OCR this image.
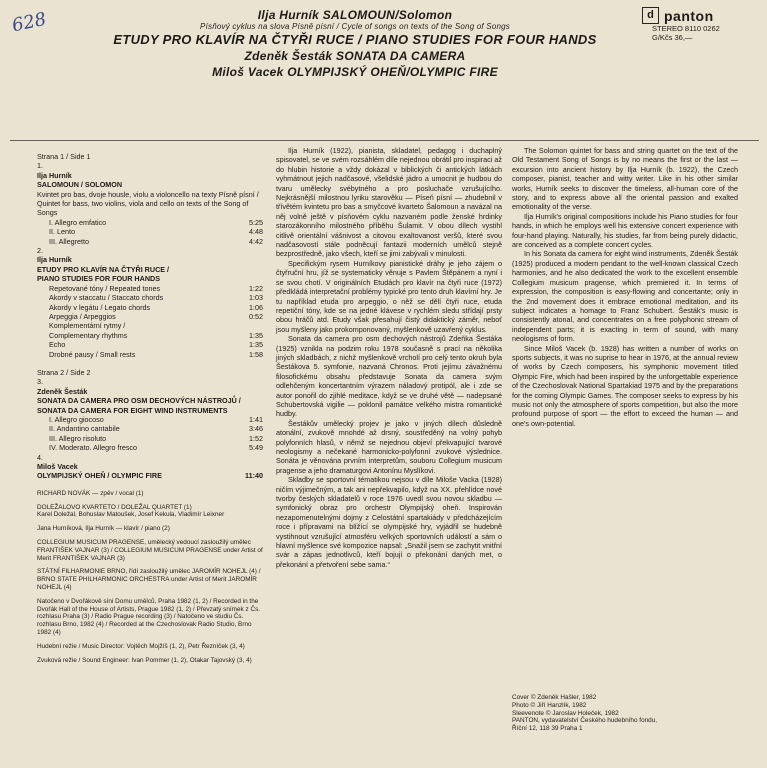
628	d panton
STEREO 8110 0262
G/Kčs 36,—
Ilja Hurník SALOMOUN/Solomon
Písňový cyklus na slova Písně písní / Cycle of songs on texts of the Song of Songs
ETUDY PRO KLAVÍR NA ČTYŘI RUCE / PIANO STUDIES FOR FOUR HANDS
Zdeněk Šesták SONATA DA CAMERA
Miloš Vacek OLYMPIJSKÝ OHEŇ/OLYMPIC FIRE

Strana 1 / Side 1

1.

Ilja Hurník

SALOMOUN / SOLOMON

Kvintet pro bas, dvoje housle, violu a violoncello na texty Písně písní /

Quintet for bass, two violins, viola and cello on texts of the Song of Songs

I. Allegro emfatico	5:25
II. Lento	4:48
III. Allegretto	4:42

2.

Ilja Hurník

ETUDY PRO KLAVÍR NA ČTYŘI RUCE /

PIANO STUDIES FOR FOUR HANDS

Repetované tóny / Repeated tones	1:22
Akordy v staccatu / Staccato chords	1:03
Akordy v legátu / Legato chords	1:06
Arpeggia / Arpeggios	0:52
Komplementární rytmy /
Complementary rhythms	1:35
Echo	1:35
Drobné pausy / Small rests	1:58

Strana 2 / Side 2

3.

Zdeněk Šesták

SONATA DA CAMERA PRO OSM DECHOVÝCH NÁSTROJŮ /

SONATA DA CAMERA FOR EIGHT WIND INSTRUMENTS

I. Allegro giocoso	1:41
II. Andantino cantabile	3:46
III. Allegro risoluto	1:52
IV. Moderato. Allegro fresco	5:49

4.

Miloš Vacek

OLYMPIJSKÝ OHEŇ / OLYMPIC FIRE	11:40

RICHARD NOVÁK — zpěv / vocal (1)

DOLEŽALOVO KVARTETO / DOLEŽAL QUARTET (1)

Karel Doležal, Bohuslav Matoušek, Josef Kekula, Vladimír Leixner

Jana Hurníková, Ilja Hurník — klavír / piano (2)

COLLEGIUM MUSICUM PRAGENSE, umělecký vedoucí zasloužilý umělec FRANTIŠEK VAJNAR (3) / COLLEGIUM MUSICUM PRAGENSE under Artist of Merit FRANTIŠEK VAJNAR (3)

STÁTNÍ FILHARMONIE BRNO, řídí zasloužilý umělec JAROMÍR NOHEJL (4) / BRNO STATE PHILHARMONIC ORCHESTRA under Artist of Merit JAROMÍR NOHEJL (4)

Natočeno v Dvořákově síni Domu umělců, Praha 1982 (1, 2) / Recorded in the Dvořák Hall of the House of Artists, Prague 1982 (1, 2) / Převzatý snímek z Čs. rozhlasu Praha (3) / Radio Prague recording (3) / Natočeno ve studiu Čs. rozhlasu Brno, 1982 (4) / Recorded at the Czechoslovak Radio Studio, Brno 1982 (4)

Hudební režie / Music Director: Vojtěch Mojžíš (1, 2), Petr Řezníček (3, 4)

Zvuková režie / Sound Engineer: Ivan Pommer (1, 2), Otakar Tajovský (3, 4)

Ilja Hurník (1922), pianista, skladatel, pedagog i duchaplný spisovatel, se ve svém rozsáhlém díle nejednou obrátil pro inspiraci až do hlubin historie a vždy dokázal v biblických či antických látkách vyhmátnout jejich nadčasové, všelidské jádro a umocnit je hudbou do tvaru umělecky svébytného a pro posluchače vzrušujícího. Nejkrásnější milostnou lyriku starověku — Píseň písní — zhudebnil v třívětém kvintetu pro bas a smyčcové kvarteto Šalomoun a navázal na něj volně ještě v písňovém cyklu nazvaném podle ženské hrdinky starozákonního milostného příběhu Šulamit. V obou dílech vystihl citlivě orientální vášnivost a citovou exaltovanost veršů, které svou nadčasovostí stále podněcují fantazii moderních umělců stejně bezprostředně, jako všech, kteří se jimi zabývali v minulosti.

Specifickým rysem Hurníkovy pianistické dráhy je jeho zájem o čtyřruční hru, jíž se systematicky věnuje s Pavlem Štěpánem a nyní i se svou chotí. V originálních Etudách pro klavír na čtyři ruce (1972) předkládá interpretační problémy typické pro tento druh klavírní hry. Je tu například etuda pro arpeggio, o něž se dělí čtyři ruce, etuda repetiční tóny, kde se na jedné klávese v rychlém sledu střídají prsty obou hráčů atd. Etudy však přesahují čistý didaktický záměr, neboť jsou myšleny jako prokomponovaný, myšlenkově uzavřený cyklus.

Sonata da camera pro osm dechových nástrojů Zdeňka Šestáka (1925) vznikla na podzim roku 1978 současně s prací na několika jiných skladbách, z nichž myšlenkově vrcholí pro celý tento okruh byla Šestákova 5. symfonie, nazvaná Chronos. Proti jejímu závažnému filosofickému obsahu představuje Sonata da camera svým odlehčeným koncertantním výrazem náladový protipól, ale i zde se autor ponořil do zjihlé meditace, když se ve druhé větě — nadepsané Schubertovská vigilie — poklonil památce velkého mistra romantické hudby.

Šestákův umělecký projev je jako v jiných dílech důsledně atonální, zvukově mnohdé až drsný, soustředěný na volný pohyb polyfonních hlasů, v němž se nejednou objeví překvapující tvarové neologismy a nečekané harmonicko-polyfonní zvukové výslednice. Sonáta je věnována prvním interpretům, souboru Collegium musicum pragense a jeho dramaturgovi Antonínu Myslíkovi.

Skladby se sportovní tématikou nejsou v díle Miloše Vacka (1928) ničím výjimečným, a tak ani nepřekvapilo, když na XX. přehlídce nové tvorby českých skladatelů v roce 1976 uvedl svou novou skladbu — symfonický obraz pro orchestr Olympijský oheň. Inspirován nezapomenutelnými dojmy z Celostátní spartakiády v předcházejícím roce i přípravami na blížící se olympijské hry, vyjádřil se hudebně vystihnout vzrušující atmosféru velkých sportovních událostí a sám o hlavní myšlence své kompozice napsal: „Snažil jsem se zachytit vnitřní svár a zápas jednotlivců, kteří bojují o překonání daných met, o překonání a přetvoření sebe sama.“

The Solomon quintet for bass and string quartet on the text of the Old Testament Song of Songs is by no means the first or the last — excursion into ancient history by Ilja Hurník (b. 1922), the Czech composer, pianist, teacher and witty writer. Like in his other similar works, Hurník seeks to discover the timeless, all-human core of the story, and to express above all the oriental passion and exalted emotionality of the verse.

Ilja Hurník's original compositions include his Piano studies for four hands, in which he employs well his extensive concert experience with four-hand playing. Naturally, his studies, far from being purely didactic, are conceived as a complete concert cycles.

In his Sonata da camera for eight wind instruments, Zdeněk Šesták (1925) produced a modern pendant to the well-known classical Czech harmonies, and he also dedicated the work to the excellent ensemble Collegium musicum pragense, which premiered it. In terms of expression, the composition is easy-flowing and concertante; only in the 2nd movement does it embrace emotional meditation, and its subject indicates a homage to Franz Schubert. Šesták's music is consistently atonal, and concentrates on a free polyphonic stream of independent parts; it is exacting in term of sound, with many neologisms of form.

Since Miloš Vacek (b. 1928) has written a number of works on sports subjects, it was no suprise to hear in 1976, at the annual review of works by Czech composers, his symphonic movement titled Olympic Fire, which had been inspired by the unforgettable experience of the Czechoslovak National Spartakiad 1975 and by the preparations for the coming Olympic Games. The composer seeks to express by his music not only the atmosphere of sports competition, but also the more profound purpose of sport — the effort to exceed the human — and one's own-potential.

Cover © Zdeněk Hašler, 1982
Photo © Jiří Hanzlík, 1982
Sleevenote © Jaroslav Holeček, 1982
PANTON, vydavatelství Českého hudebního fondu,
Říční 12, 118 39 Praha 1
